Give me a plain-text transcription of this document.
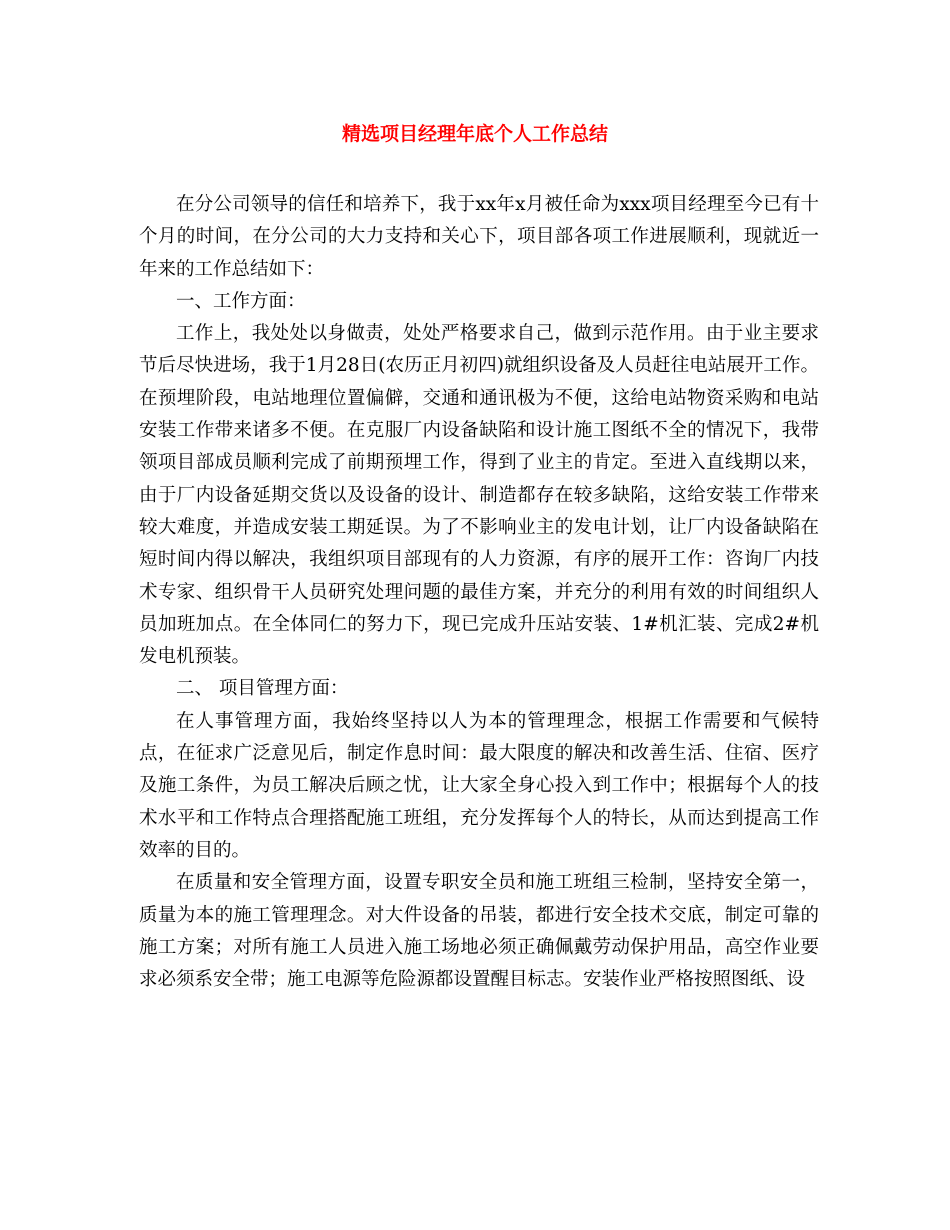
精选项目经理年底个人工作总结

在分公司领导的信任和培养下，我于xx年x月被任命为xxx项目经理至今已有十个月的时间，在分公司的大力支持和关心下，项目部各项工作进展顺利，现就近一年来的工作总结如下：

一、工作方面：

工作上，我处处以身做责，处处严格要求自己，做到示范作用。由于业主要求节后尽快进场，我于1月28日(农历正月初四)就组织设备及人员赶往电站展开工作。在预埋阶段，电站地理位置偏僻，交通和通讯极为不便，这给电站物资采购和电站安装工作带来诸多不便。在克服厂内设备缺陷和设计施工图纸不全的情况下，我带领项目部成员顺利完成了前期预埋工作，得到了业主的肯定。至进入直线期以来，由于厂内设备延期交货以及设备的设计、制造都存在较多缺陷，这给安装工作带来较大难度，并造成安装工期延误。为了不影响业主的发电计划，让厂内设备缺陷在短时间内得以解决，我组织项目部现有的人力资源，有序的展开工作：咨询厂内技术专家、组织骨干人员研究处理问题的最佳方案，并充分的利用有效的时间组织人员加班加点。在全体同仁的努力下，现已完成升压站安装、1#机汇装、完成2#机发电机预装。

二、 项目管理方面：

在人事管理方面，我始终坚持以人为本的管理理念，根据工作需要和气候特点，在征求广泛意见后，制定作息时间：最大限度的解决和改善生活、住宿、医疗及施工条件，为员工解决后顾之忧，让大家全身心投入到工作中；根据每个人的技术水平和工作特点合理搭配施工班组，充分发挥每个人的特长，从而达到提高工作效率的目的。

在质量和安全管理方面，设置专职安全员和施工班组三检制，坚持安全第一，质量为本的施工管理理念。对大件设备的吊装，都进行安全技术交底，制定可靠的施工方案；对所有施工人员进入施工场地必须正确佩戴劳动保护用品，高空作业要求必须系安全带；施工电源等危险源都设置醒目标志。安装作业严格按照图纸、设
